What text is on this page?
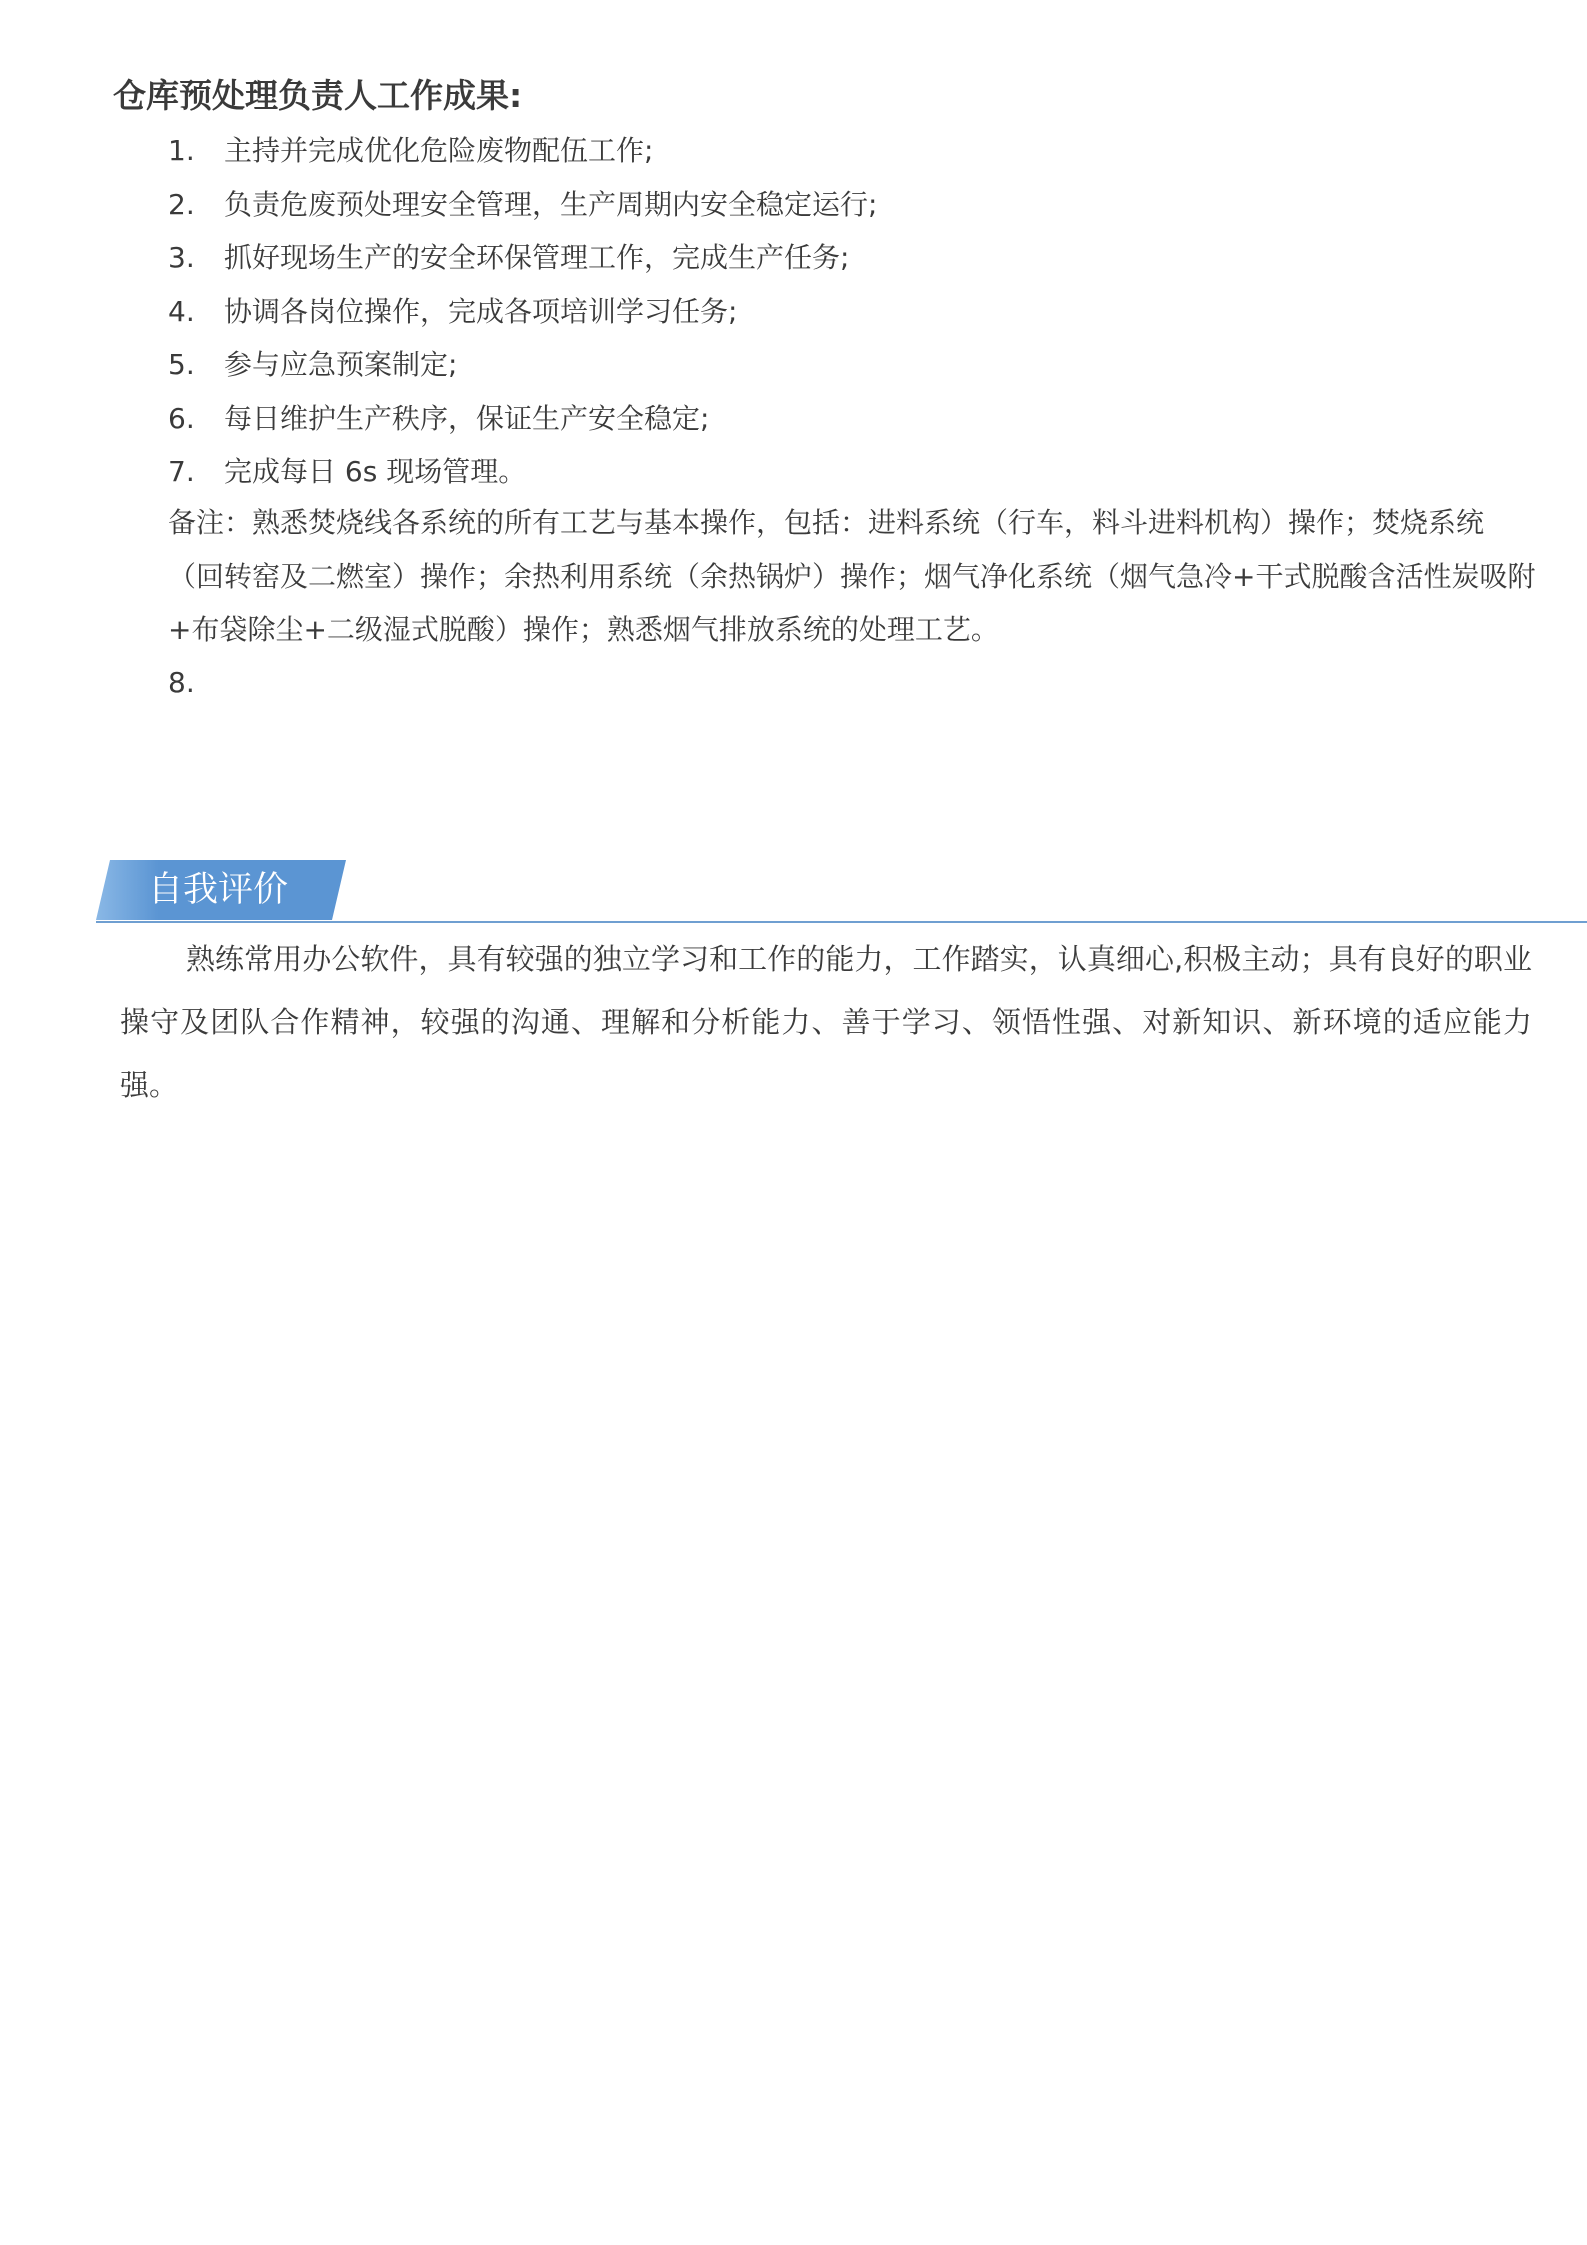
仓库预处理负责人工作成果:
1.	主持并完成优化危险废物配伍工作;
2.	负责危废预处理安全管理，生产周期内安全稳定运行;
3.	抓好现场生产的安全环保管理工作，完成生产任务;
4.	协调各岗位操作，完成各项培训学习任务;
5.	参与应急预案制定;
6.	每日维护生产秩序，保证生产安全稳定;
7.	完成每日 6s 现场管理。

备注：熟悉焚烧线各系统的所有工艺与基本操作，包括：进料系统（行车，料斗进料机构）操作；焚烧系统（回转窑及二燃室）操作；余热利用系统（余热锅炉）操作；烟气净化系统（烟气急冷+干式脱酸含活性炭吸附+布袋除尘+二级湿式脱酸）操作；熟悉烟气排放系统的处理工艺。

8.
自我评价

熟练常用办公软件，具有较强的独立学习和工作的能力，工作踏实，认真细心,积极主动；具有良好的职业操守及团队合作精神，较强的沟通、理解和分析能力、善于学习、领悟性强、对新知识、新环境的适应能力强。
